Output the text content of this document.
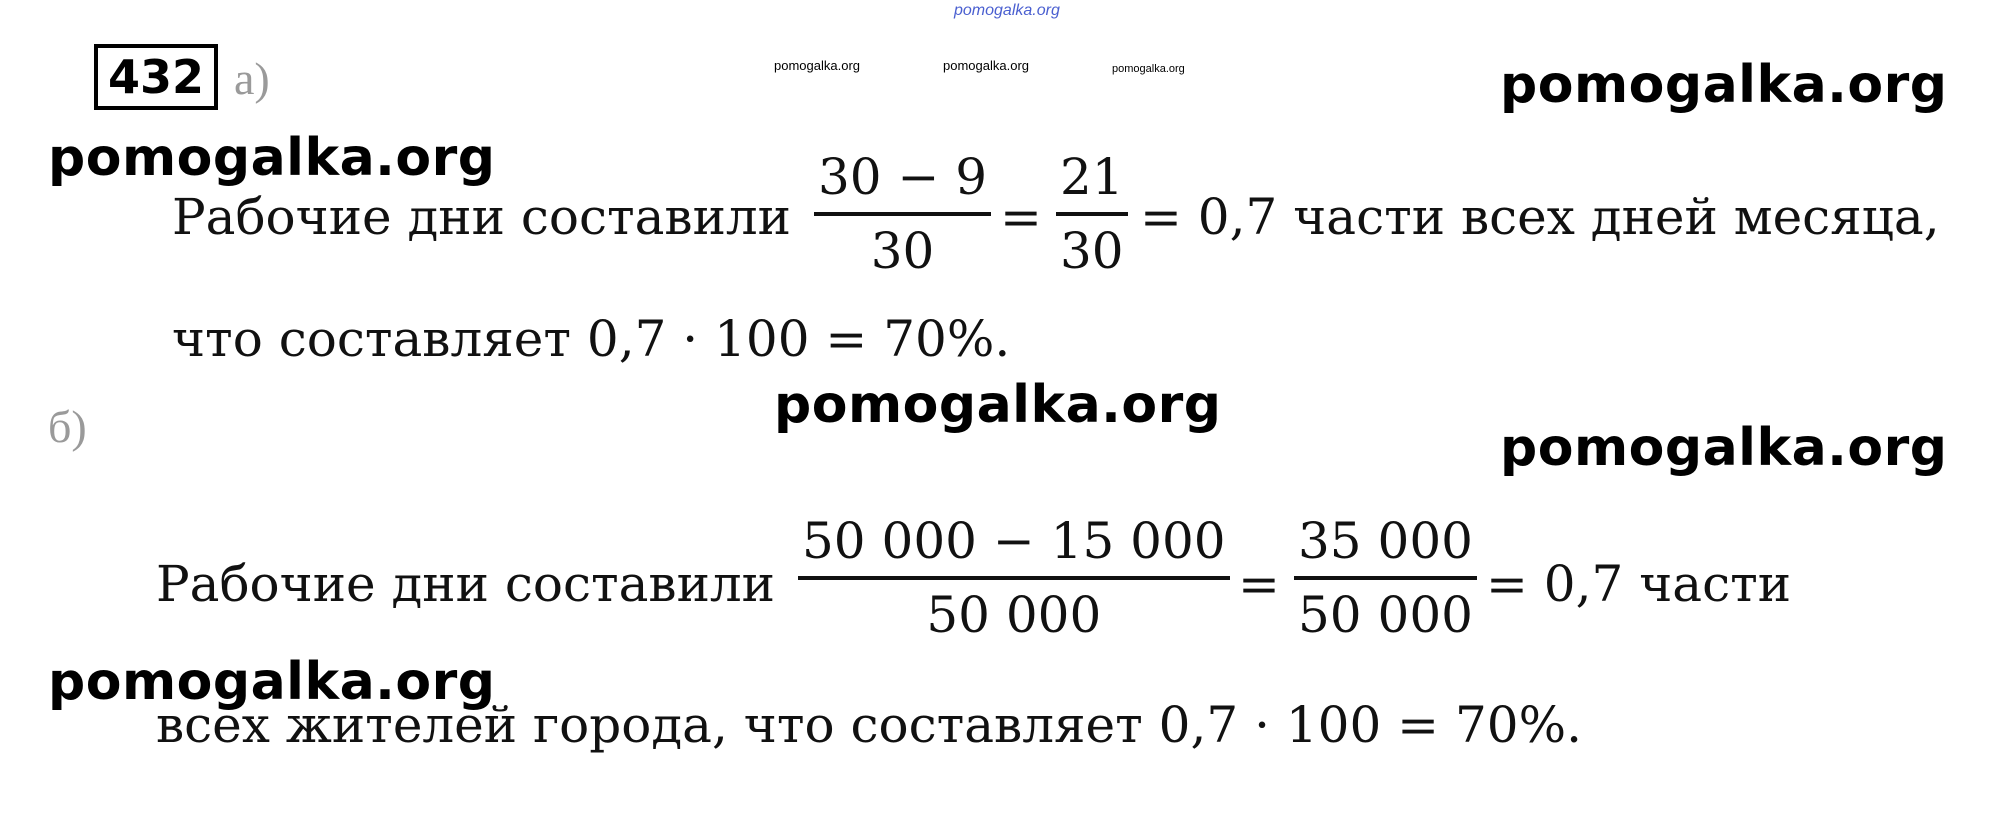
pomogalka.org
pomogalka.org	pomogalka.org	pomogalka.org
432 а)	pomogalka.org
pomogalka.org
pomogalka.org
pomogalka.org
pomogalka.org
Рабочие дни составили
30 − 9
30
=
21
30
= 0,7 части всех дней месяца,
что составляет 0,7 · 100 = 70%.
б)
Рабочие дни составили
50 000 − 15 000
50 000
=
35 000
50 000
= 0,7 части
всех жителей города, что составляет 0,7 · 100 = 70%.
